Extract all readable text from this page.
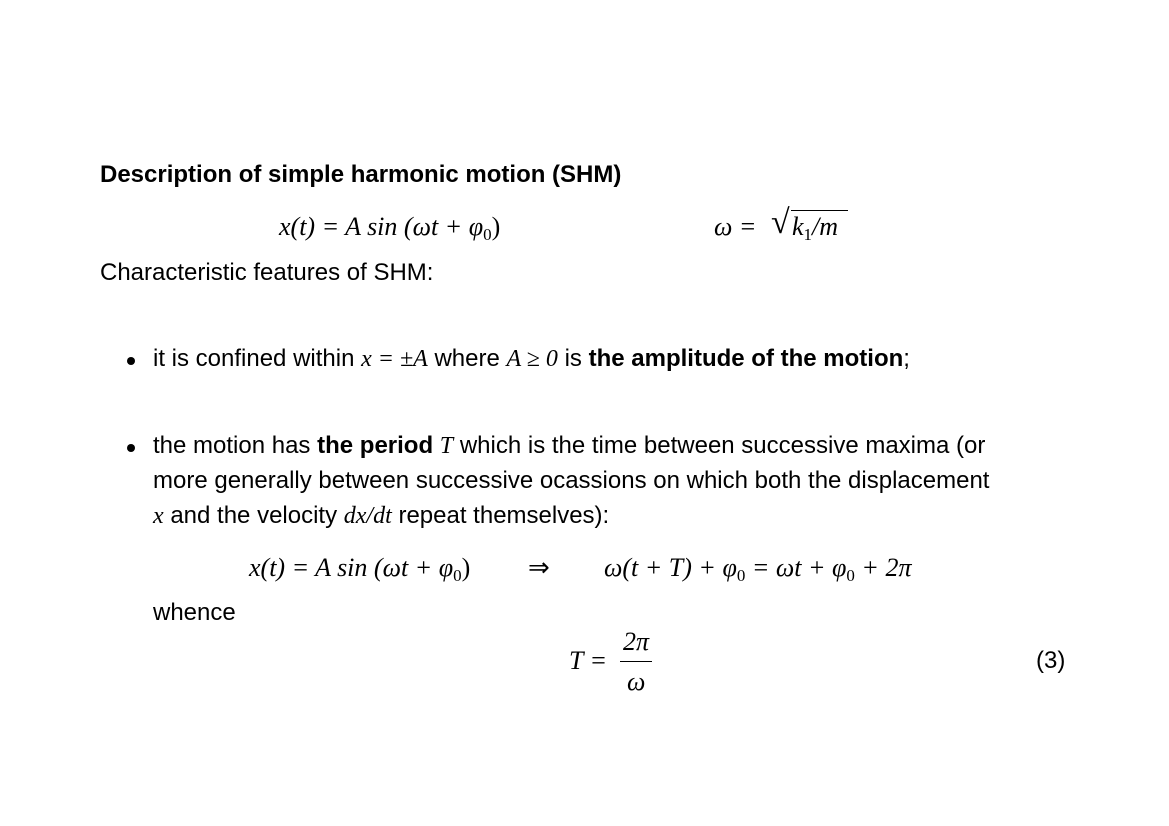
Description of simple harmonic motion (SHM)
x(t) = A $\sin (\omega t + \varphi_0)$	ω = √ $k_1/m$
Characteristic features of SHM:
it is confined within x = ±A where A ≥ 0 is the amplitude of the motion;
the motion has the period T which is the time between successive maxima (or
more generally between successive ocassions on which both the displacement
x and the velocity dx/dt repeat themselves):
x(t) = A $\sin (\omega t + \varphi_0)$ ⇒ $\omega(t + T) + \varphi_0 = \omega t + \varphi_0 + 2\pi$
whence
T =
2π
ω
(3)
